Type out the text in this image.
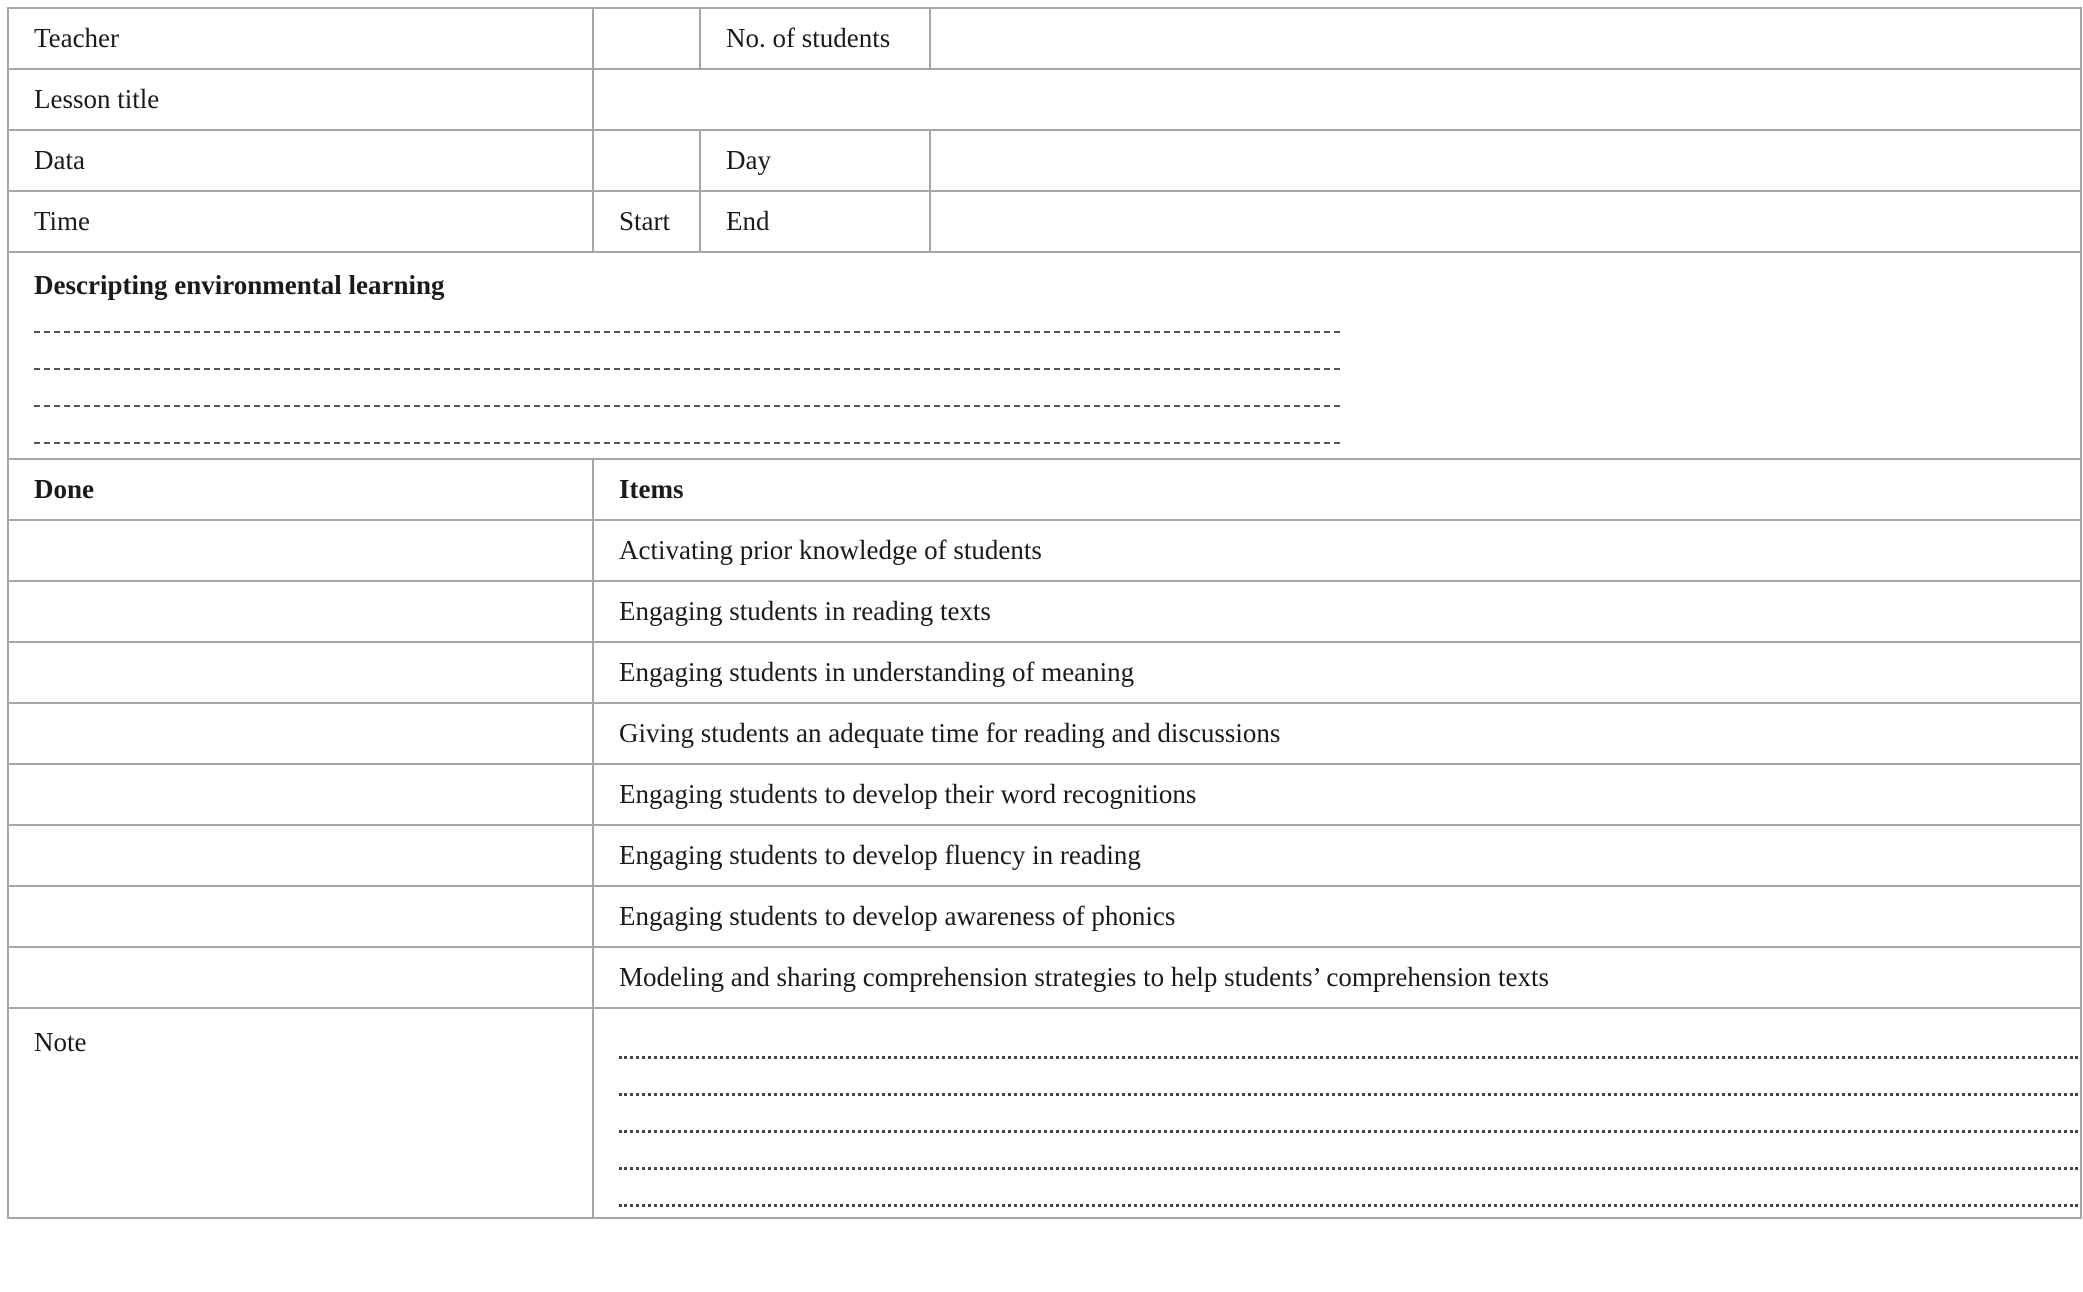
Teacher		No. of students	
Lesson title			
Data		Day	
Time	Start	End	

Descripting environmental learning			

Done	Items		
	Activating prior knowledge of students		
	Engaging students in reading texts		
	Engaging students in understanding of meaning		
	Giving students an adequate time for reading and discussions		
	Engaging students to develop their word recognitions		
	Engaging students to develop fluency in reading		
	Engaging students to develop awareness of phonics		
	Modeling and sharing comprehension strategies to help students’ comprehension texts		
Note			
